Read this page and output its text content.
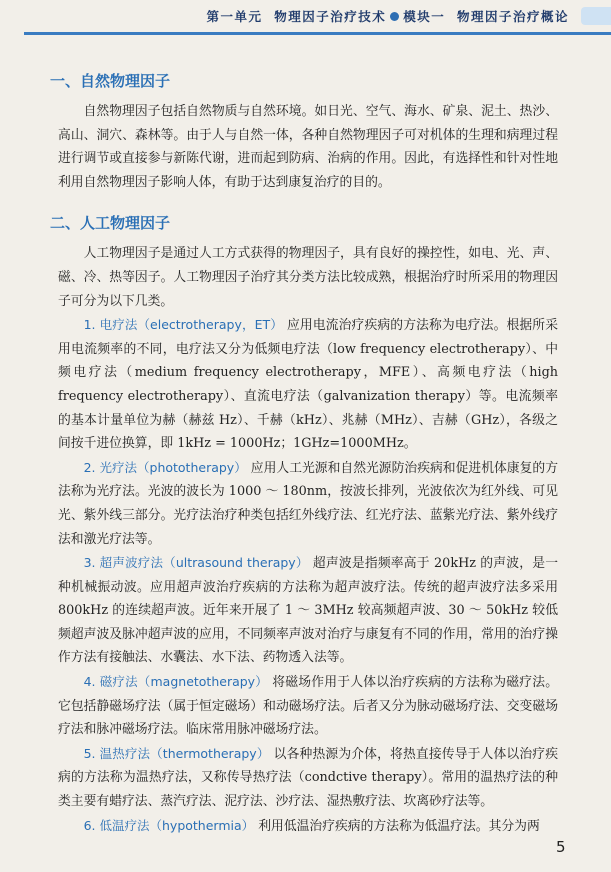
第一单元 物理因子治疗技术 模块一 物理因子治疗概论
一、自然物理因子

自然物理因子包括自然物质与自然环境。如日光、空气、海水、矿泉、泥土、热沙、高山、洞穴、森林等。由于人与自然一体，各种自然物理因子可对机体的生理和病理过程进行调节或直接参与新陈代谢，进而起到防病、治病的作用。因此，有选择性和针对性地利用自然物理因子影响人体，有助于达到康复治疗的目的。

二、人工物理因子

人工物理因子是通过人工方式获得的物理因子，具有良好的操控性，如电、光、声、磁、冷、热等因子。人工物理因子治疗其分类方法比较成熟，根据治疗时所采用的物理因子可分为以下几类。

1. 电疗法（electrotherapy，ET） 应用电流治疗疾病的方法称为电疗法。根据所采用电流频率的不同，电疗法又分为低频电疗法（low frequency electrotherapy）、中频电疗法（medium frequency electrotherapy，MFE）、高频电疗法（high frequency electrotherapy）、直流电疗法（galvanization therapy）等。电流频率的基本计量单位为赫（赫兹 Hz）、千赫（kHz）、兆赫（MHz）、吉赫（GHz），各级之间按千进位换算，即 1kHz = 1000Hz；1GHz=1000MHz。

2. 光疗法（phototherapy） 应用人工光源和自然光源防治疾病和促进机体康复的方法称为光疗法。光波的波长为 1000 ～ 180nm，按波长排列，光波依次为红外线、可见光、紫外线三部分。光疗法治疗种类包括红外线疗法、红光疗法、蓝紫光疗法、紫外线疗法和激光疗法等。

3. 超声波疗法（ultrasound therapy） 超声波是指频率高于 20kHz 的声波，是一种机械振动波。应用超声波治疗疾病的方法称为超声波疗法。传统的超声波疗法多采用 800kHz 的连续超声波。近年来开展了 1 ～ 3MHz 较高频超声波、30 ～ 50kHz 较低频超声波及脉冲超声波的应用，不同频率声波对治疗与康复有不同的作用，常用的治疗操作方法有接触法、水囊法、水下法、药物透入法等。

4. 磁疗法（magnetotherapy） 将磁场作用于人体以治疗疾病的方法称为磁疗法。它包括静磁场疗法（属于恒定磁场）和动磁场疗法。后者又分为脉动磁场疗法、交变磁场疗法和脉冲磁场疗法。临床常用脉冲磁场疗法。

5. 温热疗法（thermotherapy） 以各种热源为介体，将热直接传导于人体以治疗疾病的方法称为温热疗法，又称传导热疗法（condctive therapy）。常用的温热疗法的种类主要有蜡疗法、蒸汽疗法、泥疗法、沙疗法、湿热敷疗法、坎离砂疗法等。

6. 低温疗法（hypothermia） 利用低温治疗疾病的方法称为低温疗法。其分为两

5
